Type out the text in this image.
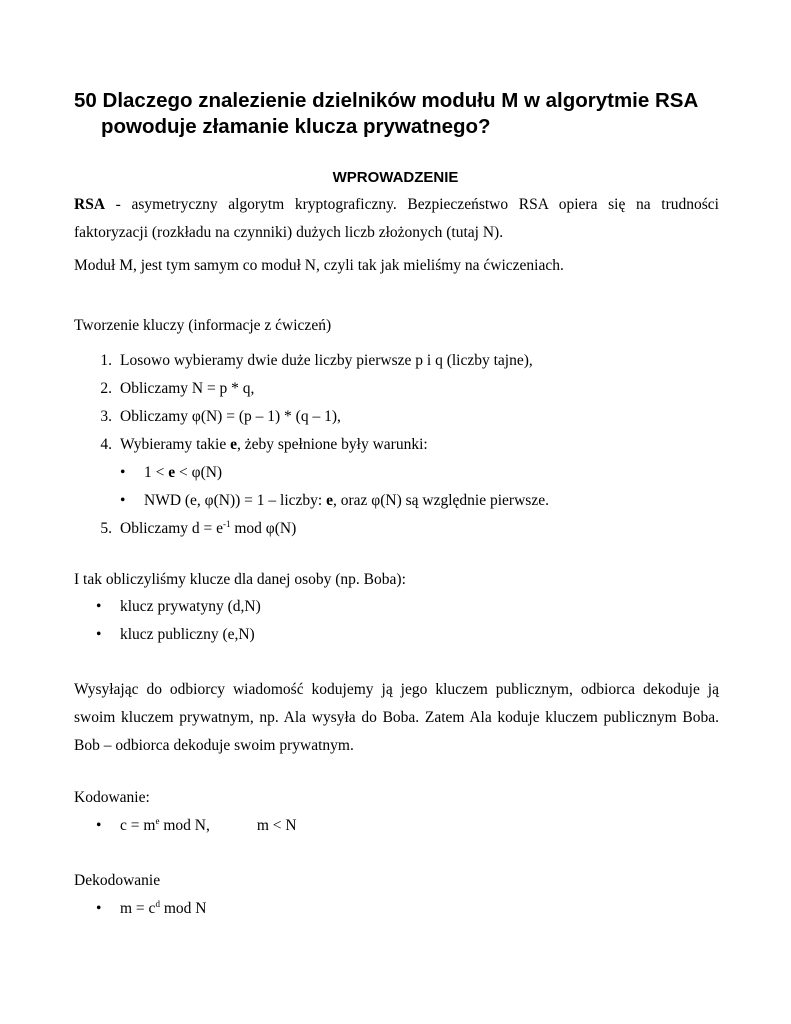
50 Dlaczego znalezienie dzielników modułu M w algorytmie RSA
powoduje złamanie klucza prywatnego?
WPROWADZENIE
RSA - asymetryczny algorytm kryptograficzny. Bezpieczeństwo RSA opiera się na trudności
faktoryzacji (rozkładu na czynniki) dużych liczb złożonych (tutaj N).
Moduł M, jest tym samym co moduł N, czyli tak jak mieliśmy na ćwiczeniach.
Tworzenie kluczy (informacje z ćwiczeń)
1. Losowo wybieramy dwie duże liczby pierwsze p i q (liczby tajne),
2. Obliczamy N = p * q,
3. Obliczamy φ(N) = (p – 1) * (q – 1),
4. Wybieramy takie e, żeby spełnione były warunki:
• 1 < e < φ(N)
• NWD (e, φ(N)) = 1 – liczby: e, oraz φ(N) są względnie pierwsze.
5. Obliczamy $d = e^{-1}$ mod φ(N)
I tak obliczyliśmy klucze dla danej osoby (np. Boba):
• klucz prywatyny (d,N)
• klucz publiczny (e,N)
Wysyłając do odbiorcy wiadomość kodujemy ją jego kluczem publicznym, odbiorca dekoduje ją
swoim kluczem prywatnym, np. Ala wysyła do Boba. Zatem Ala koduje kluczem publicznym Boba.
Bob – odbiorca dekoduje swoim prywatnym.
Kodowanie:
• $c = m^e$ mod N,	m < N
Dekodowanie
• $m = c^d$ mod N
